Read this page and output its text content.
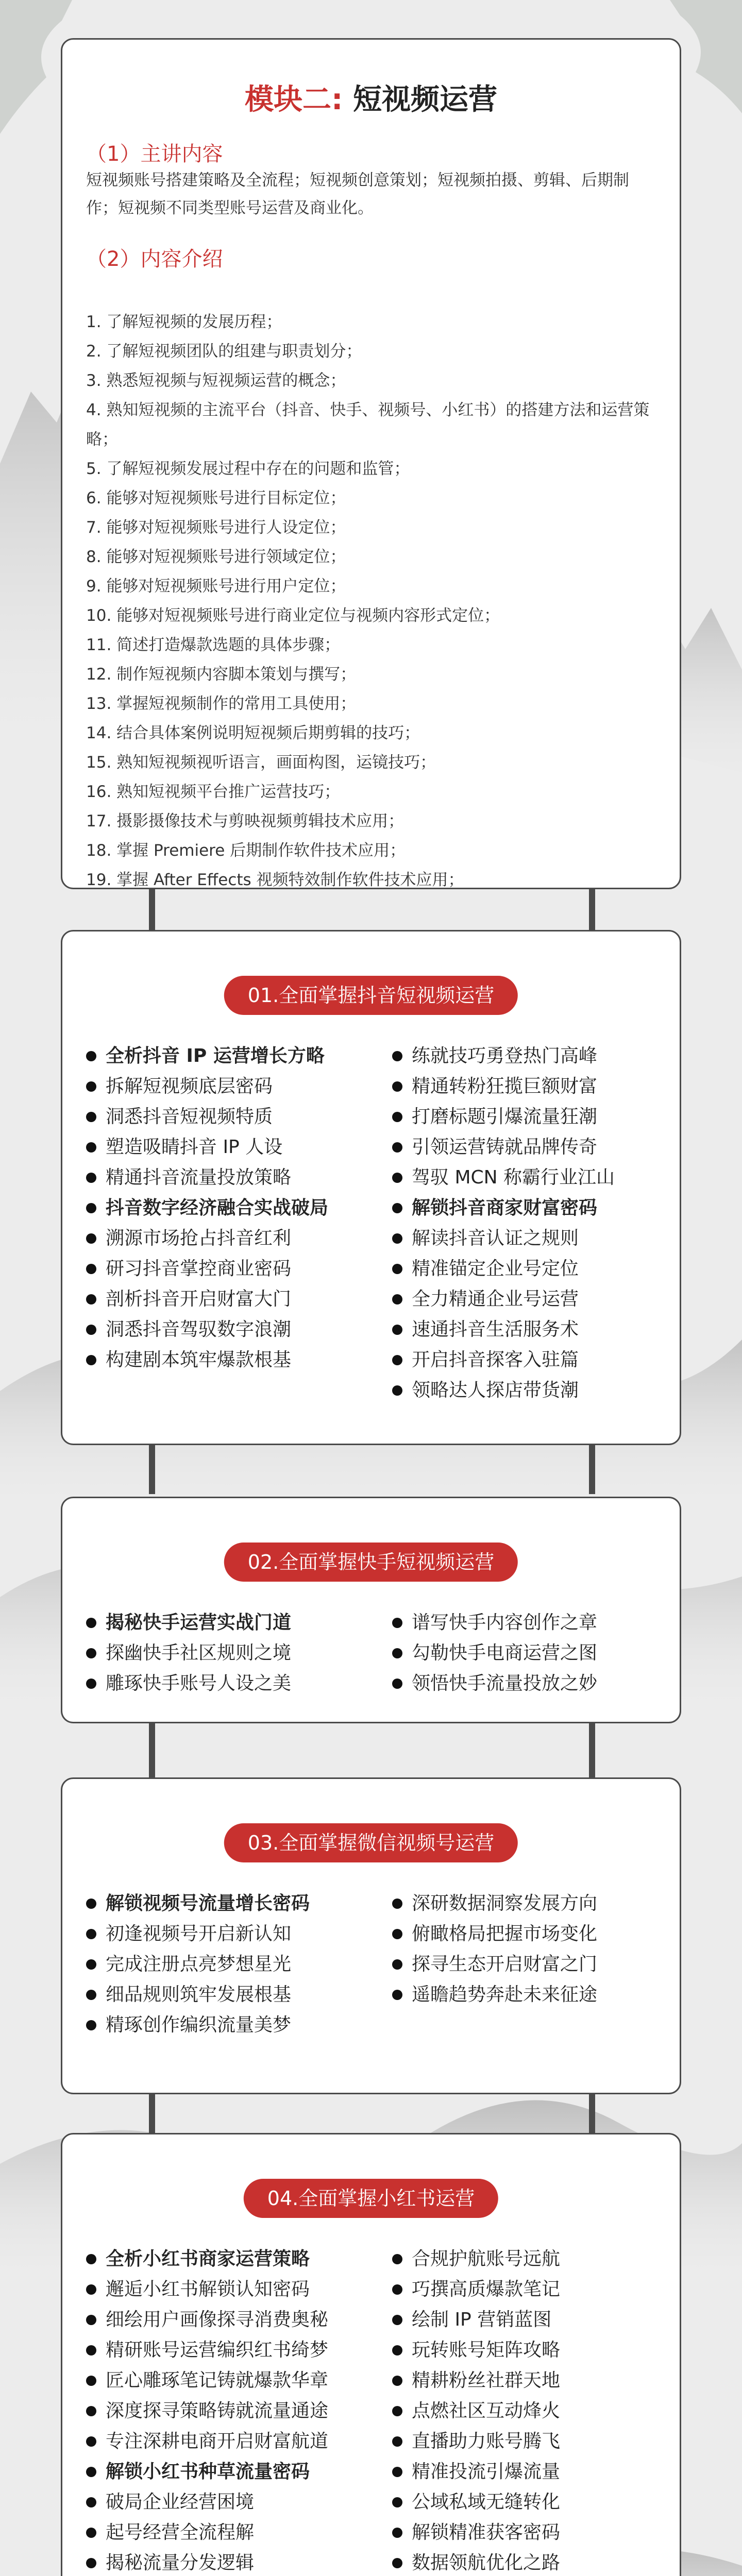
模块二: 短视频运营
（1）主讲内容
短视频账号搭建策略及全流程；短视频创意策划；短视频拍摄、剪辑、后期制作；短视频不同类型账号运营及商业化。
（2）内容介绍
1. 了解短视频的发展历程；
2. 了解短视频团队的组建与职责划分；
3. 熟悉短视频与短视频运营的概念；
4. 熟知短视频的主流平台（抖音、快手、视频号、小红书）的搭建方法和运营策略；
5. 了解短视频发展过程中存在的问题和监管；
6. 能够对短视频账号进行目标定位；
7. 能够对短视频账号进行人设定位；
8. 能够对短视频账号进行领域定位；
9. 能够对短视频账号进行用户定位；
10. 能够对短视频账号进行商业定位与视频内容形式定位；
11. 简述打造爆款选题的具体步骤；
12. 制作短视频内容脚本策划与撰写；
13. 掌握短视频制作的常用工具使用；
14. 结合具体案例说明短视频后期剪辑的技巧；
15. 熟知短视频视听语言，画面构图，运镜技巧；
16. 熟知短视频平台推广运营技巧；
17. 摄影摄像技术与剪映视频剪辑技术应用；
18. 掌握 Premiere 后期制作软件技术应用；
19. 掌握 After Effects 视频特效制作软件技术应用；
01.全面掌握抖音短视频运营
全析抖音 IP 运营增长方略
拆解短视频底层密码
洞悉抖音短视频特质
塑造吸睛抖音 IP 人设
精通抖音流量投放策略
抖音数字经济融合实战破局
溯源市场抢占抖音红利
研习抖音掌控商业密码
剖析抖音开启财富大门
洞悉抖音驾驭数字浪潮
构建剧本筑牢爆款根基
练就技巧勇登热门高峰
精通转粉狂揽巨额财富
打磨标题引爆流量狂潮
引领运营铸就品牌传奇
驾驭 MCN 称霸行业江山
解锁抖音商家财富密码
解读抖音认证之规则
精准锚定企业号定位
全力精通企业号运营
速通抖音生活服务术
开启抖音探客入驻篇
领略达人探店带货潮
02.全面掌握快手短视频运营
揭秘快手运营实战门道
探幽快手社区规则之境
雕琢快手账号人设之美
谱写快手内容创作之章
勾勒快手电商运营之图
领悟快手流量投放之妙
03.全面掌握微信视频号运营
解锁视频号流量增长密码
初逢视频号开启新认知
完成注册点亮梦想星光
细品规则筑牢发展根基
精琢创作编织流量美梦
深研数据洞察发展方向
俯瞰格局把握市场变化
探寻生态开启财富之门
遥瞻趋势奔赴未来征途
04.全面掌握小红书运营
全析小红书商家运营策略
邂逅小红书解锁认知密码
细绘用户画像探寻消费奥秘
精研账号运营编织红书绮梦
匠心雕琢笔记铸就爆款华章
深度探寻策略铸就流量通途
专注深耕电商开启财富航道
解锁小红书种草流量密码
破局企业经营困境
起号经营全流程解
揭秘流量分发逻辑
合规护航账号远航
巧撰高质爆款笔记
绘制 IP 营销蓝图
玩转账号矩阵攻略
精耕粉丝社群天地
点燃社区互动烽火
直播助力账号腾飞
精准投流引爆流量
公域私域无缝转化
解锁精准获客密码
数据领航优化之路
